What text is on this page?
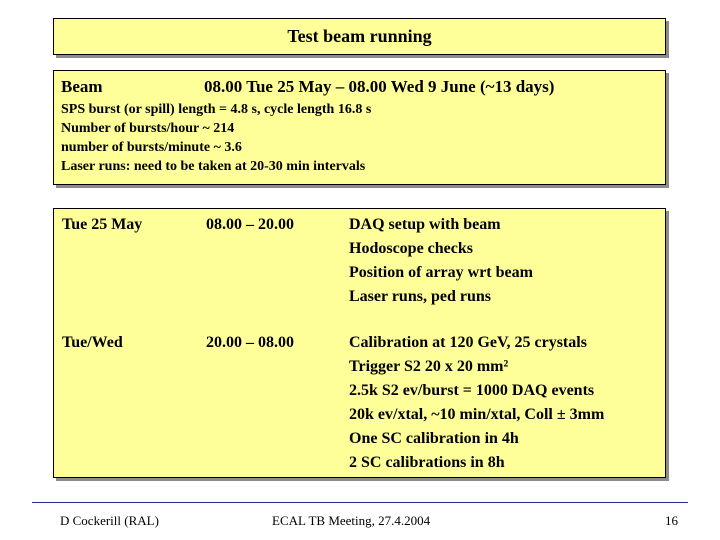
Test beam running
Beam	08.00 Tue 25 May – 08.00 Wed 9 June (~13 days)
SPS burst (or spill) length = 4.8 s, cycle length 16.8 s
Number of bursts/hour ~ 214
number of bursts/minute ~ 3.6
Laser runs: need to be taken at 20-30 min intervals
Tue 25 May	08.00 – 20.00	DAQ setup with beam
Hodoscope checks
Position of array wrt beam
Laser runs, ped runs
Tue/Wed	20.00 – 08.00	Calibration at 120 GeV, 25 crystals
Trigger S2 20 x 20 mm²
2.5k S2 ev/burst = 1000 DAQ events
20k ev/xtal, ~10 min/xtal, Coll ± 3mm
One SC calibration in 4h
2 SC calibrations in 8h
D Cockerill (RAL)	ECAL TB Meeting, 27.4.2004	16
